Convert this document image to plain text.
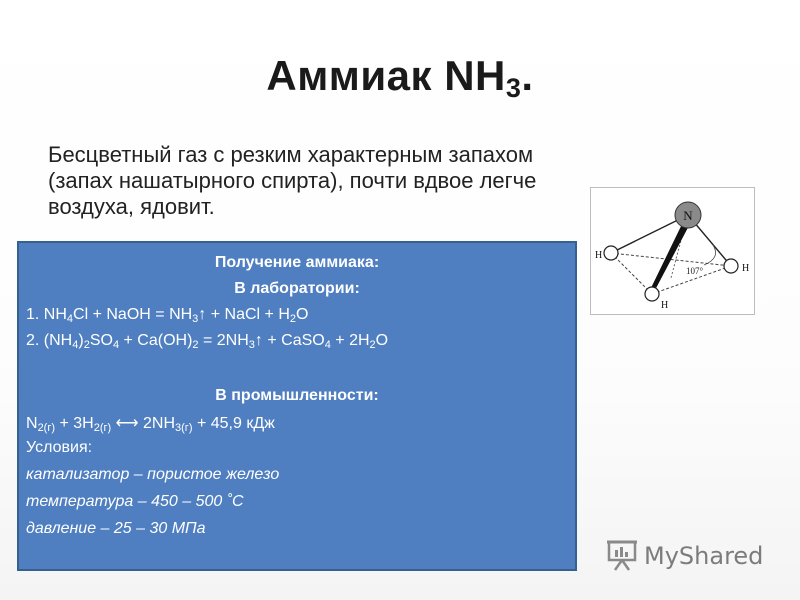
Аммиак $NH_3$.
Бесцветный газ с резким характерным запахом (запах нашатырного спирта), почти вдвое легче воздуха, ядовит.
107°
N
H
H
H
Получение аммиака:
В лаборатории:
1. $NH_4Cl$ + NaOH = $NH_3↑$ + NaCl + $H_2O$
2. $(NH_4)_2SO_4 + Ca(OH)_2$ = $2NH_3↑$ + CaSO$_4$ + $2H_2O$
В промышленности:
$N_{2(г)} + 3H_{2(г)}$ ⟷ $2NH_{3(г)} + 45,9$ кДж
Условия:
катализатор – пористое железо
температура – 450 – 500 ˚С
давление – 25 – 30 МПа
MyShared
